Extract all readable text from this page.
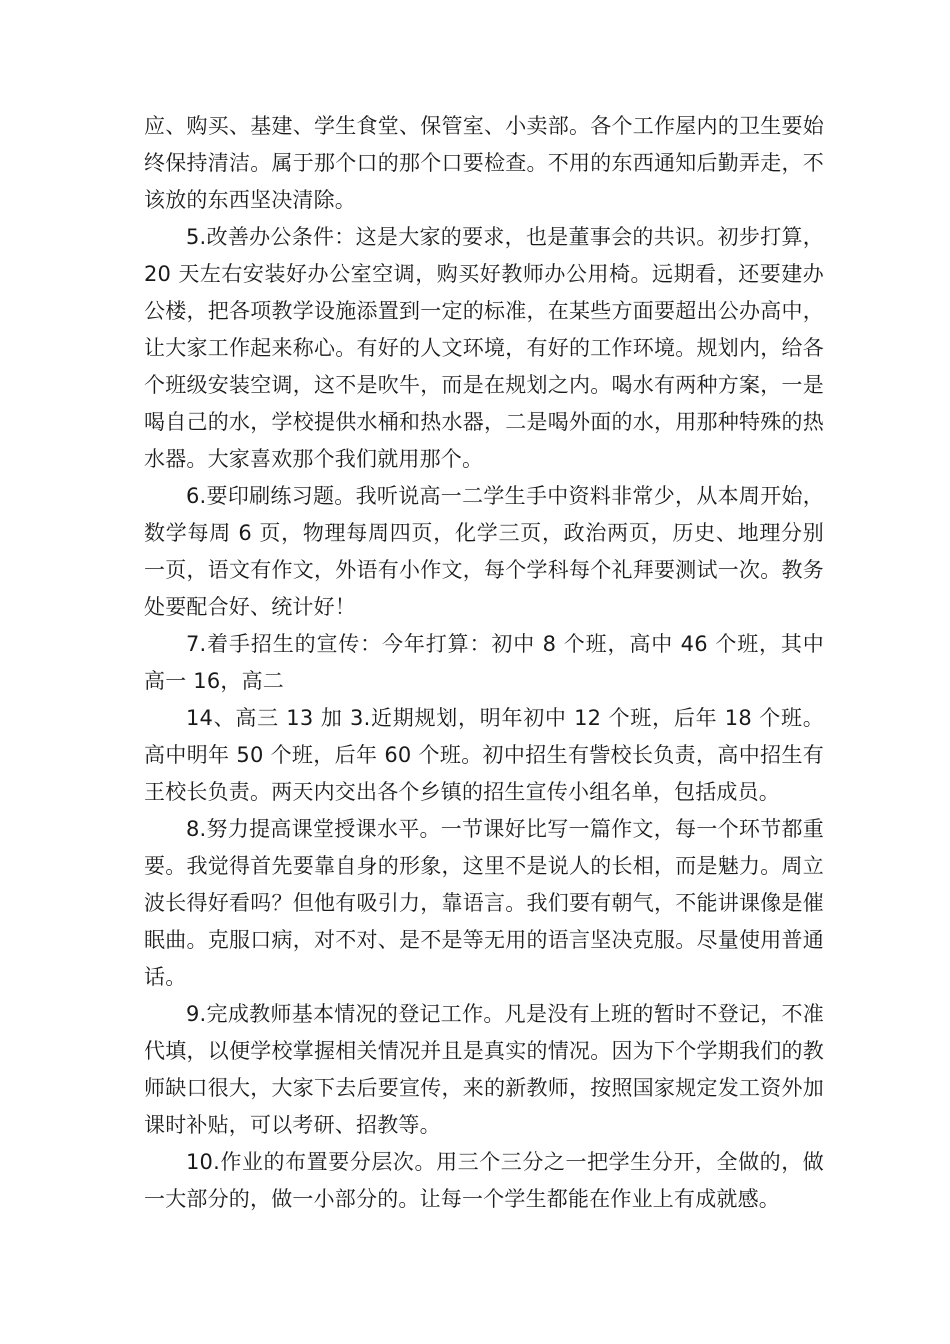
应、购买、基建、学生食堂、保管室、小卖部。各个工作屋内的卫生要始终保持清洁。属于那个口的那个口要检查。不用的东西通知后勤弄走，不该放的东西坚决清除。

5.改善办公条件：这是大家的要求，也是董事会的共识。初步打算，20 天左右安装好办公室空调，购买好教师办公用椅。远期看，还要建办公楼，把各项教学设施添置到一定的标准，在某些方面要超出公办高中，让大家工作起来称心。有好的人文环境，有好的工作环境。规划内，给各个班级安装空调，这不是吹牛，而是在规划之内。喝水有两种方案，一是喝自己的水，学校提供水桶和热水器，二是喝外面的水，用那种特殊的热水器。大家喜欢那个我们就用那个。

6.要印刷练习题。我听说高一二学生手中资料非常少，从本周开始，数学每周 6 页，物理每周四页，化学三页，政治两页，历史、地理分别一页，语文有作文，外语有小作文，每个学科每个礼拜要测试一次。教务处要配合好、统计好！

7.着手招生的宣传：今年打算：初中 8 个班，高中 46 个班，其中高一 16，高二

14、高三 13 加 3.近期规划，明年初中 12 个班，后年 18 个班。高中明年 50 个班，后年 60 个班。初中招生有訾校长负责，高中招生有王校长负责。两天内交出各个乡镇的招生宣传小组名单，包括成员。

8.努力提高课堂授课水平。一节课好比写一篇作文，每一个环节都重要。我觉得首先要靠自身的形象，这里不是说人的长相，而是魅力。周立波长得好看吗？但他有吸引力，靠语言。我们要有朝气，不能讲课像是催眠曲。克服口病，对不对、是不是等无用的语言坚决克服。尽量使用普通话。

9.完成教师基本情况的登记工作。凡是没有上班的暂时不登记，不准代填，以便学校掌握相关情况并且是真实的情况。因为下个学期我们的教师缺口很大，大家下去后要宣传，来的新教师，按照国家规定发工资外加课时补贴，可以考研、招教等。

10.作业的布置要分层次。用三个三分之一把学生分开，全做的，做一大部分的，做一小部分的。让每一个学生都能在作业上有成就感。
